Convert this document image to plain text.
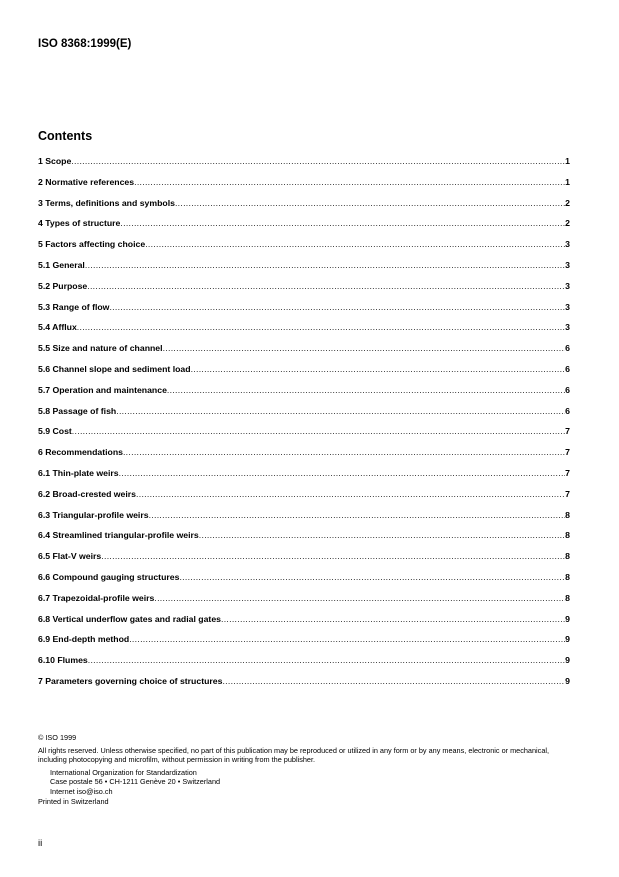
ISO 8368:1999(E)

Contents
1 Scope .....	1
2 Normative references .....	1
3 Terms, definitions and symbols .....	2
4 Types of structure .....	2
5 Factors affecting choice .....	3
5.1 General .....	3
5.2 Purpose .....	3
5.3 Range of flow .....	3
5.4 Afflux .....	3
5.5 Size and nature of channel .....	6
5.6 Channel slope and sediment load .....	6
5.7 Operation and maintenance .....	6
5.8 Passage of fish .....	6
5.9 Cost .....	7
6 Recommendations .....	7
6.1 Thin-plate weirs .....	7
6.2 Broad-crested weirs .....	7
6.3 Triangular-profile weirs .....	8
6.4 Streamlined triangular-profile weirs .....	8
6.5 Flat-V weirs .....	8
6.6 Compound gauging structures .....	8
6.7 Trapezoidal-profile weirs .....	8
6.8 Vertical underflow gates and radial gates .....	9
6.9 End-depth method .....	9
6.10 Flumes .....	9
7 Parameters governing choice of structures .....	9

© ISO 1999

All rights reserved. Unless otherwise specified, no part of this publication may be reproduced or utilized in any form or by any means, electronic or mechanical, including photocopying and microfilm, without permission in writing from the publisher.

International Organization for Standardization

Case postale 56 • CH-1211 Genève 20 • Switzerland

Internet iso@iso.ch

Printed in Switzerland

ii
